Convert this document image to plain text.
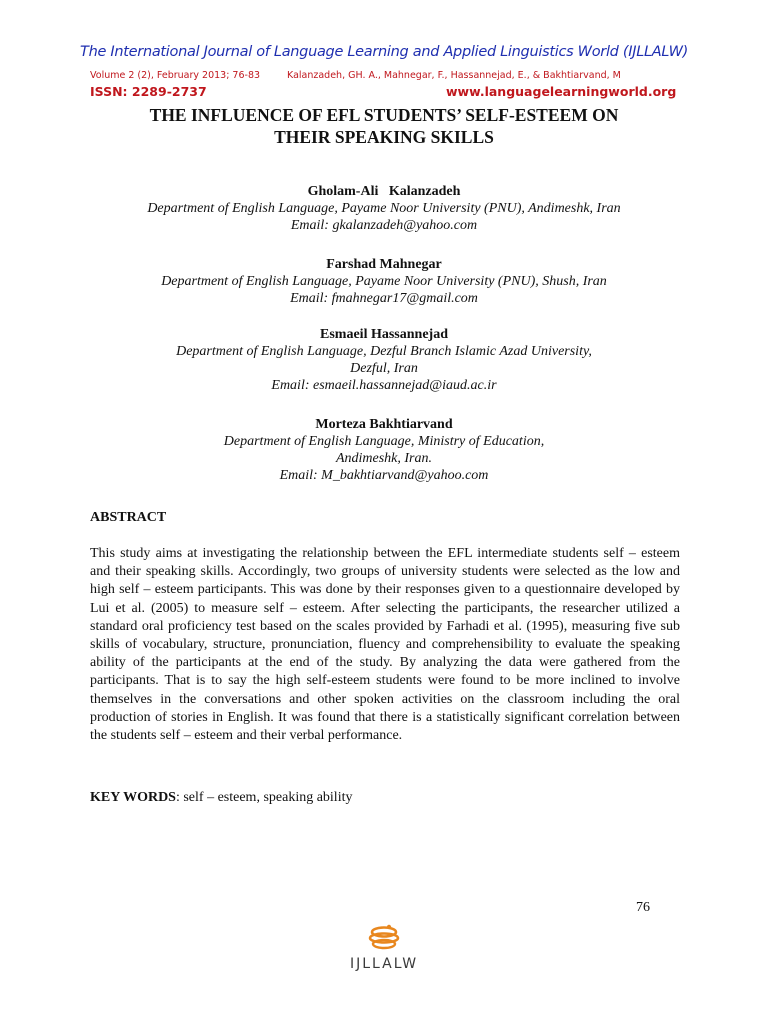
The International Journal of Language Learning and Applied Linguistics World (IJLLALW)
Volume 2 (2), February 2013; 76-83	Kalanzadeh, GH. A., Mahnegar, F., Hassannejad, E., & Bakhtiarvand, M
ISSN: 2289-2737	www.languagelearningworld.org
THE INFLUENCE OF EFL STUDENTS’ SELF-ESTEEM ON
THEIR SPEAKING SKILLS
Gholam-Ali   Kalanzadeh
Department of English Language, Payame Noor University (PNU), Andimeshk, Iran
Email: gkalanzadeh@yahoo.com
Farshad Mahnegar
Department of English Language, Payame Noor University (PNU), Shush, Iran
Email: fmahnegar17@gmail.com
Esmaeil Hassannejad
Department of English Language, Dezful Branch Islamic Azad University,
Dezful, Iran
Email: esmaeil.hassannejad@iaud.ac.ir
Morteza Bakhtiarvand
Department of English Language, Ministry of Education,
Andimeshk, Iran.
Email: M_bakhtiarvand@yahoo.com
ABSTRACT
This study aims at investigating the relationship between the EFL intermediate students self – esteem and their speaking skills. Accordingly, two groups of university students were selected as the low and high self – esteem participants. This was done by their responses given to a questionnaire developed by Lui et al. (2005) to measure self – esteem. After selecting the participants, the researcher utilized a standard oral proficiency test based on the scales provided by Farhadi et al. (1995), measuring five sub skills of vocabulary, structure, pronunciation, fluency and comprehensibility to evaluate the speaking ability of the participants at the end of the study. By analyzing the data were gathered from the participants. That is to say the high self-esteem students were found to be more inclined to involve themselves in the conversations and other spoken activities on the classroom including the oral production of stories in English. It was found that there is a statistically significant correlation between the students self – esteem and their verbal performance.
KEY WORDS: self – esteem, speaking ability
76
IJLLALW
